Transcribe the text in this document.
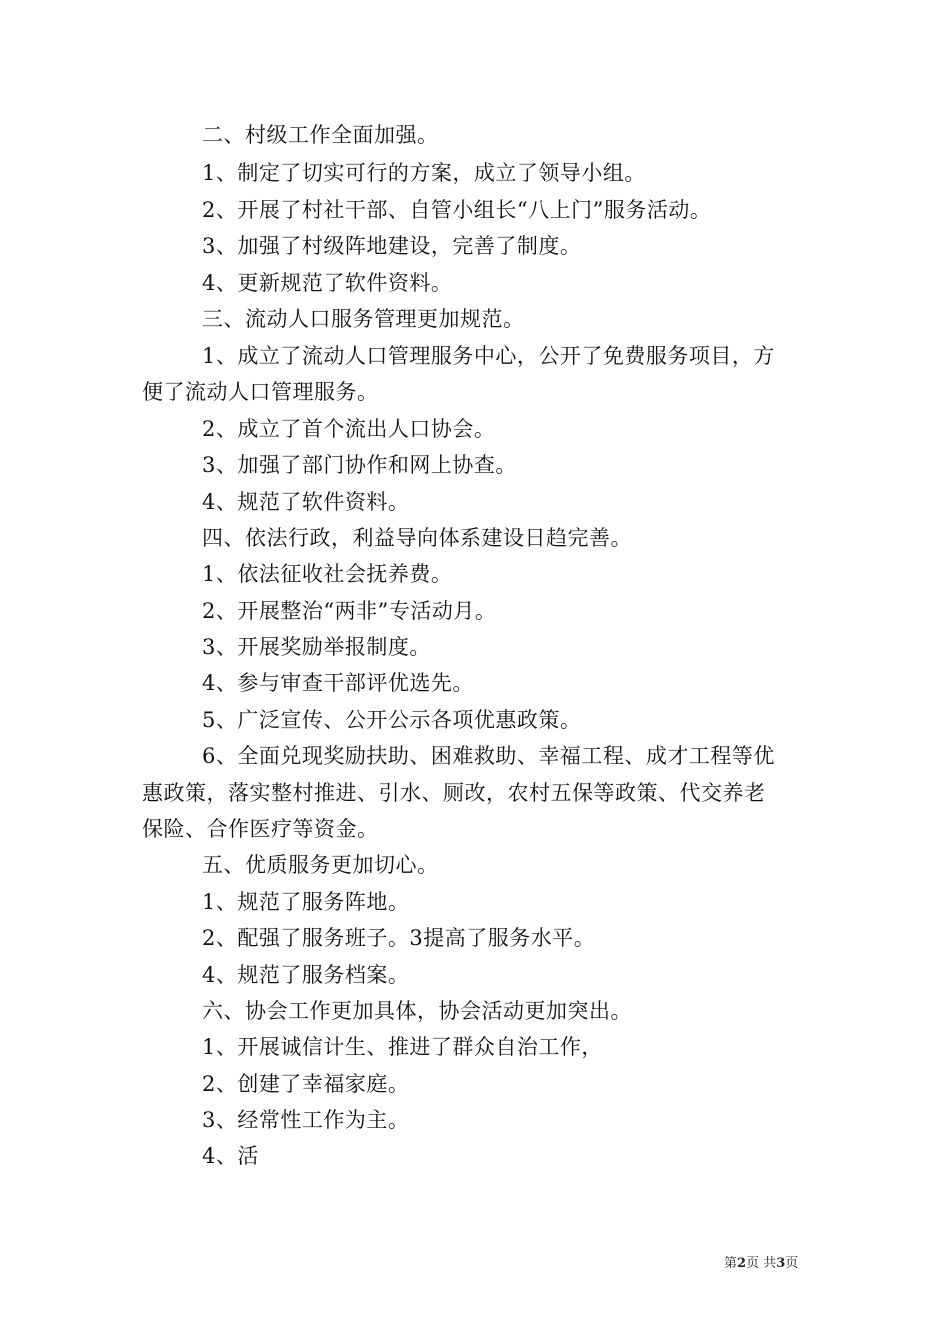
二、村级工作全面加强。
1、制定了切实可行的方案，成立了领导小组。
2、开展了村社干部、自管小组长“八上门”服务活动。
3、加强了村级阵地建设，完善了制度。
4、更新规范了软件资料。
三、流动人口服务管理更加规范。
1、成立了流动人口管理服务中心，公开了免费服务项目，方
便了流动人口管理服务。
2、成立了首个流出人口协会。
3、加强了部门协作和网上协查。
4、规范了软件资料。
四、依法行政，利益导向体系建设日趋完善。
1、依法征收社会抚养费。
2、开展整治“两非”专活动月。
3、开展奖励举报制度。
4、参与审查干部评优选先。
5、广泛宣传、公开公示各项优惠政策。
6、全面兑现奖励扶助、困难救助、幸福工程、成才工程等优
惠政策，落实整村推进、引水、厕改，农村五保等政策、代交养老
保险、合作医疗等资金。
五、优质服务更加切心。
1、规范了服务阵地。
2、配强了服务班子。3提高了服务水平。
4、规范了服务档案。
六、协会工作更加具体，协会活动更加突出。
1、开展诚信计生、推进了群众自治工作，
2、创建了幸福家庭。
3、经常性工作为主。
4、活
第2页 共3页
